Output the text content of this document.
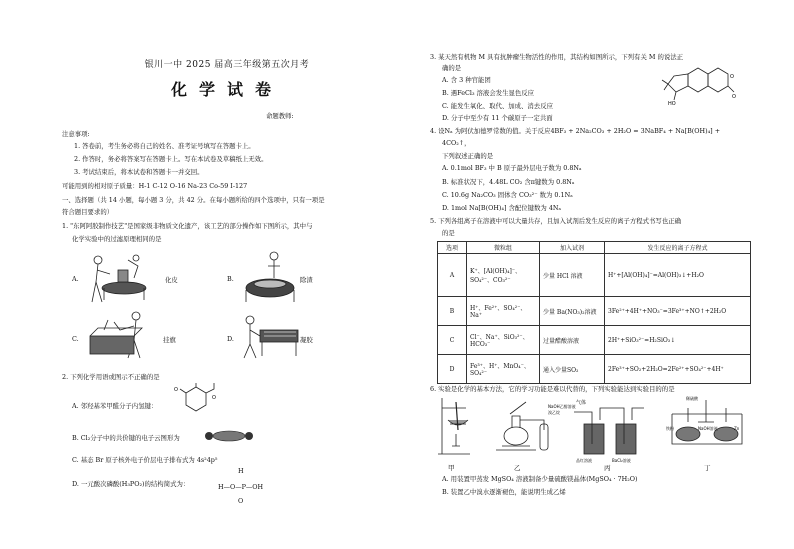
银川一中 2025 届高三年级第五次月考
化学试卷
命题教师:
注意事项:
1. 答卷前，考生务必将自己的姓名、准考证号填写在答题卡上。
2. 作答时，务必将答案写在答题卡上。写在本试卷及草稿纸上无效。
3. 考试结束后，将本试卷和答题卡一并交回。
可能用到的相对原子质量：H-1 C-12 O-16 Na-23 Co-59 I-127
一、选择题（共 14 小题，每小题 3 分，共 42 分。在每小题所给的四个选项中，只有一项是
符合题目要求的）
1. "东阿阿胶制作技艺"是国家级非物质文化遗产，该工艺的部分操作如下图所示，其中与
化学实验中的过滤原理相同的是
A.	化皮	B.	除渣
C.	挂旗	D.	凝胶
2. 下列化学用语或图示不正确的是
A. 邻羟基苯甲醛分子内氢键：
O
O
B. Cl₂分子中的共价键的电子云图形为
C. 基态 Br 原子核外电子价层电子排布式为 4s²4p⁵
D. 一元酸次磷酸(H₃PO₂)的结构简式为：
H
H—O—P—OH
O
3. 某天然有机物 M 具有抗肿瘤生物活性的作用，其结构如图所示，下列有关 M 的说法正
确的是
A. 含 3 种官能团
B. 遇FeCl₃ 溶液会发生显色反应
C. 能发生氧化、取代、加成、消去反应
D. 分子中至少有 11 个碳原子一定共面
HO
O
O
4. 设Nₐ 为阿伏加德罗常数的值。关于反应4BF₃ + 2Na₂CO₃ + 2H₂O = 3NaBF₄ + Na[B(OH)₄] +
4CO₂↑，
下列叙述正确的是
A. 0.1mol BF₃ 中 B 原子最外层电子数为 0.8Nₐ
B. 标准状况下，4.48L CO₂ 含π键数为 0.8Nₐ
C. 10.6g Na₂CO₃ 固体含 CO₃²⁻ 数为 0.1Nₐ
D. 1mol Na[B(OH)₄] 含配位键数为 4Nₐ
5. 下列各组离子在溶液中可以大量共存，且加入试剂后发生反应的离子方程式书写也正确
的是
选项	微粒组	加入试剂	发生反应的离子方程式
A	K⁺、[Al(OH)₄]⁻、SO₄²⁻、CO₃²⁻	少量 HCl 溶液	H⁺+[Al(OH)₄]⁻=Al(OH)₃↓+H₂O
B	H⁺、Fe²⁺、SO₄²⁻、Na⁺	少量 Ba(NO₃)₂溶液	3Fe²⁺+4H⁺+NO₃⁻=3Fe³⁺+NO↑+2H₂O
C	Cl⁻、Na⁺、SiO₃²⁻、HCO₃⁻	过量醋酸溶液	2H⁺+SiO₃²⁻=H₂SiO₃↓
D	Fe³⁺、H⁺、MnO₄⁻、SO₄²⁻	通入少量SO₂	2Fe³⁺+SO₂+2H₂O=2Fe²⁺+SO₄²⁻+4H⁺
6. 实验是化学的基本方法，它的学习功能是难以代替的，下列实验能达到实验目的的是
NaOH乙醇溶液
溴乙烷
气体
品红溶液	BaCl₂溶液
稀硫酸
NaOH溶液
铁粉	Zn
甲	乙	丙	丁
A. 用装置甲蒸发 MgSO₄ 溶液制备少量硫酸镁晶体(MgSO₄ · 7H₂O)
B. 装置乙中溴水逐渐褪色，能说明生成乙烯
